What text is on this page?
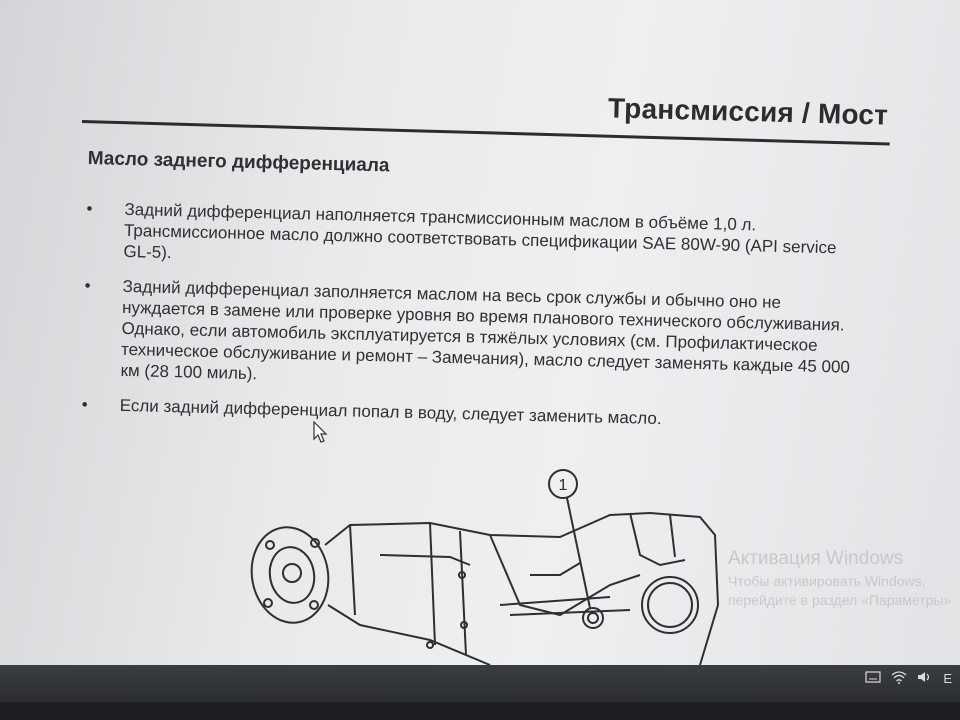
Трансмиссия / Мост
Масло заднего дифференциала
• Задний дифференциал наполняется трансмиссионным маслом в объёме 1,0 л. Трансмиссионное масло должно соответствовать спецификации SAE 80W-90 (API service GL-5).
• Задний дифференциал заполняется маслом на весь срок службы и обычно оно не нуждается в замене или проверке уровня во время планового технического обслуживания. Однако, если автомобиль эксплуатируется в тяжёлых условиях (см. Профилактическое техническое обслуживание и ремонт – Замечания), масло следует заменять каждые 45 000 км (28 100 миль).
• Если задний дифференциал попал в воду, следует заменить масло.
1
Активация Windows
Чтобы активировать Windows,
перейдите в раздел «Параметры»
E
